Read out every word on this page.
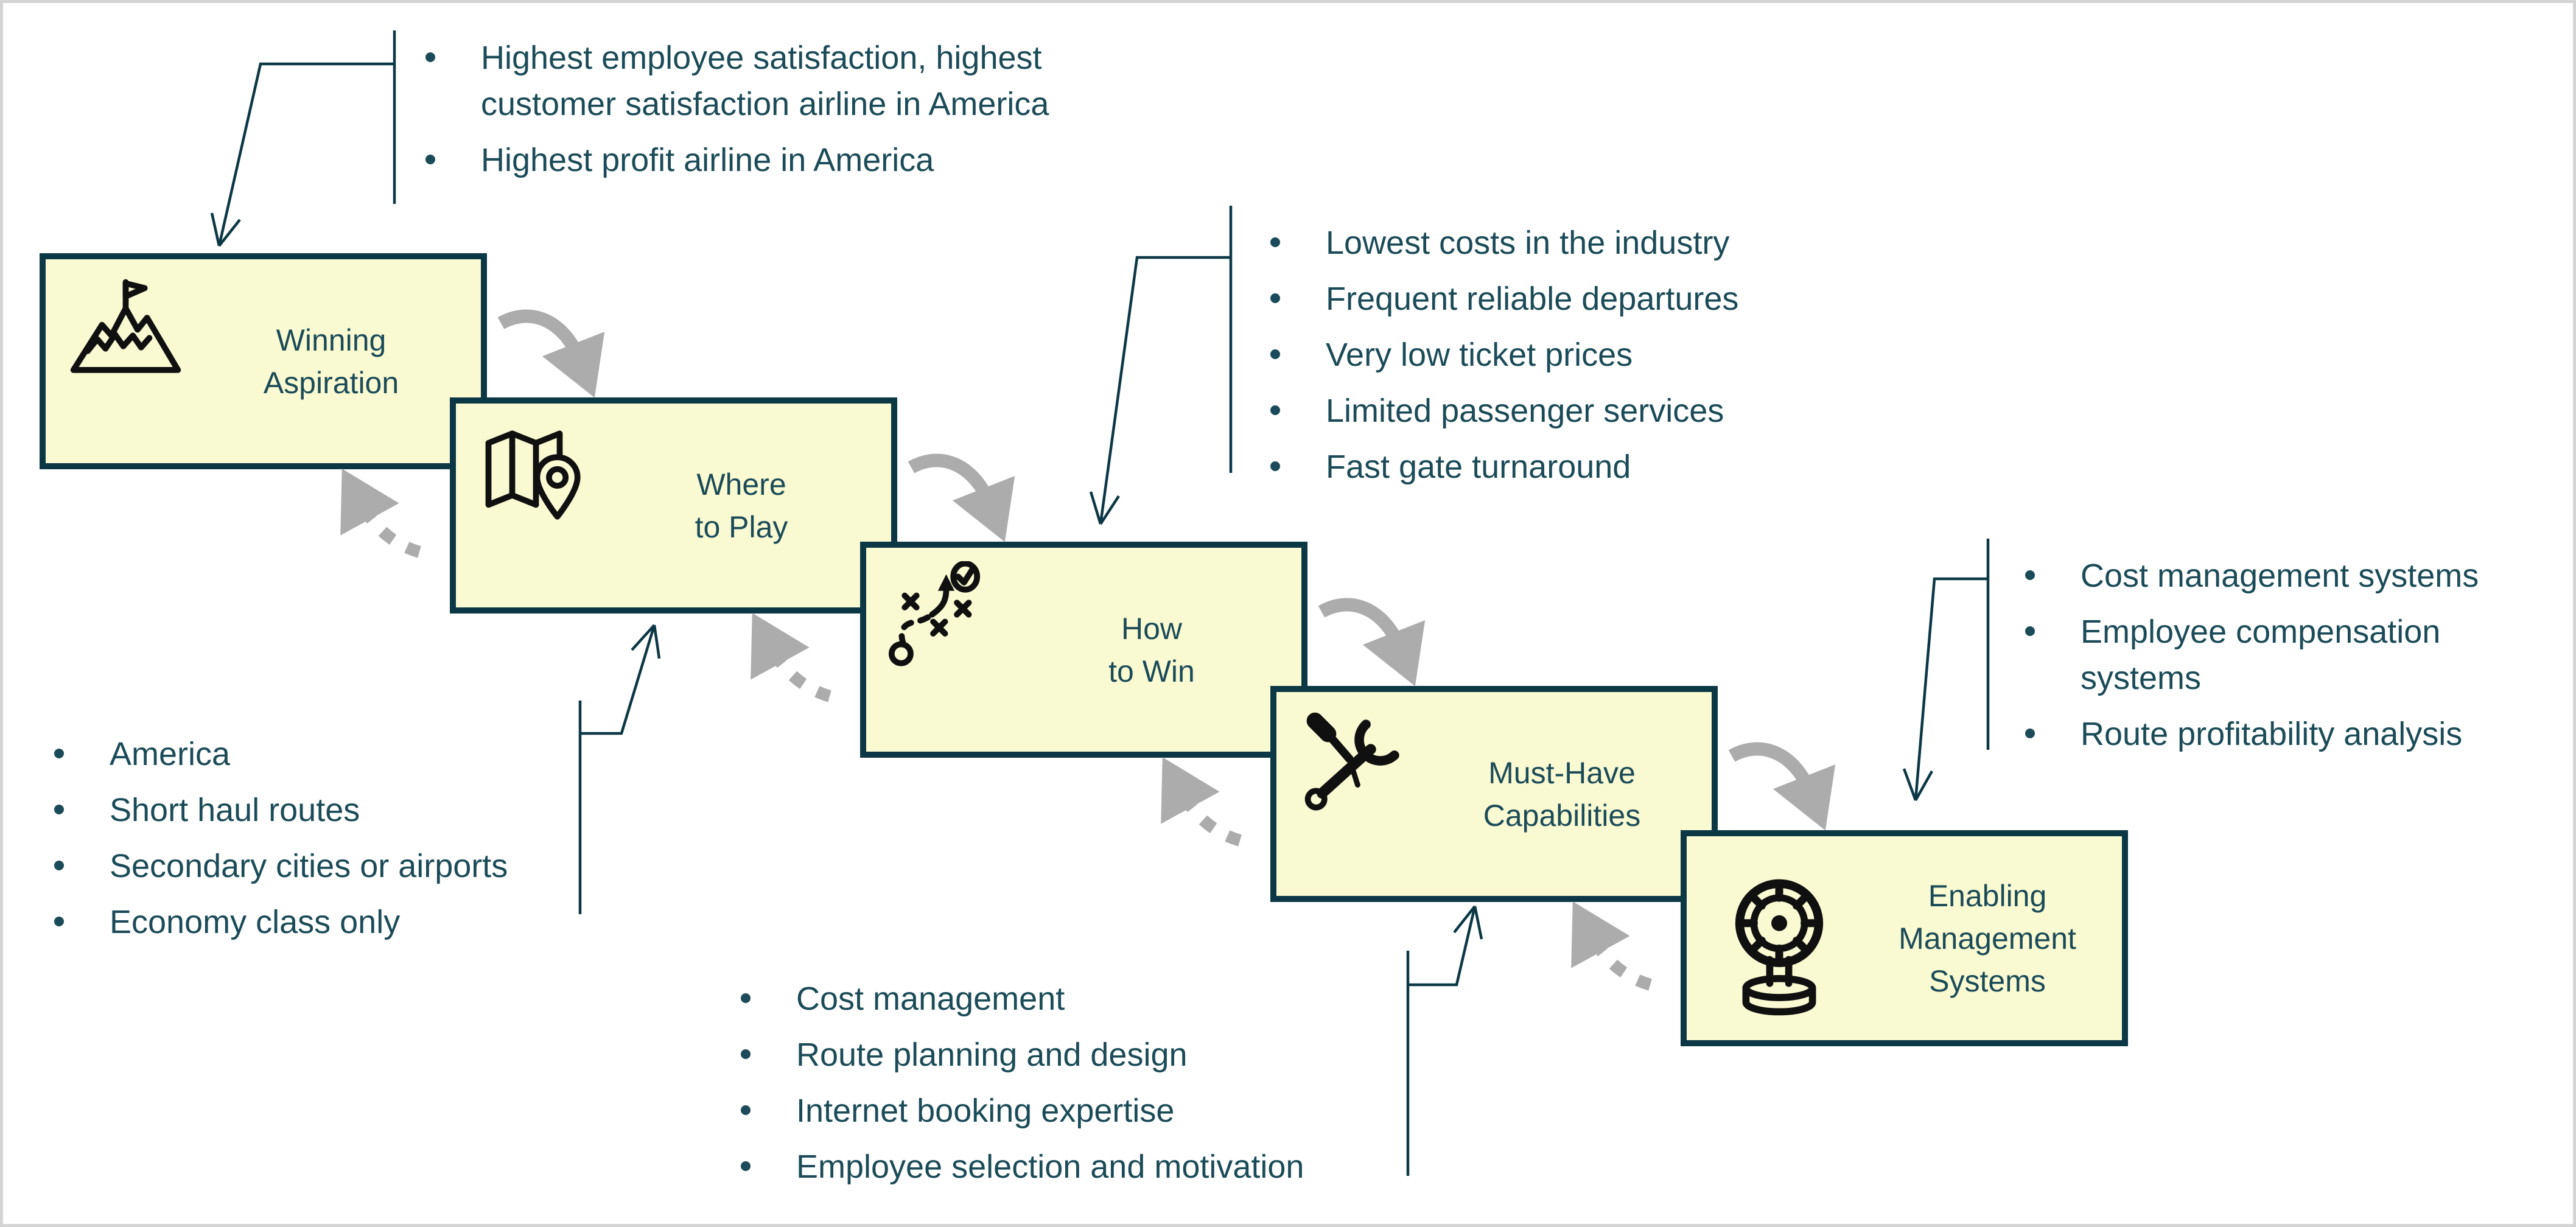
Winning
Aspiration
Where
to Play
How
to Win
Must-Have
Capabilities
Enabling
Management
Systems
Highest employee satisfaction, highest customer satisfaction airline in America
Highest profit airline in America
America
Short haul routes
Secondary cities or airports
Economy class only
Lowest costs in the industry
Frequent reliable departures
Very low ticket prices
Limited passenger services
Fast gate turnaround
Cost management
Route planning and design
Internet booking expertise
Employee selection and motivation
Cost management systems
Employee compensation systems
Route profitability analysis
